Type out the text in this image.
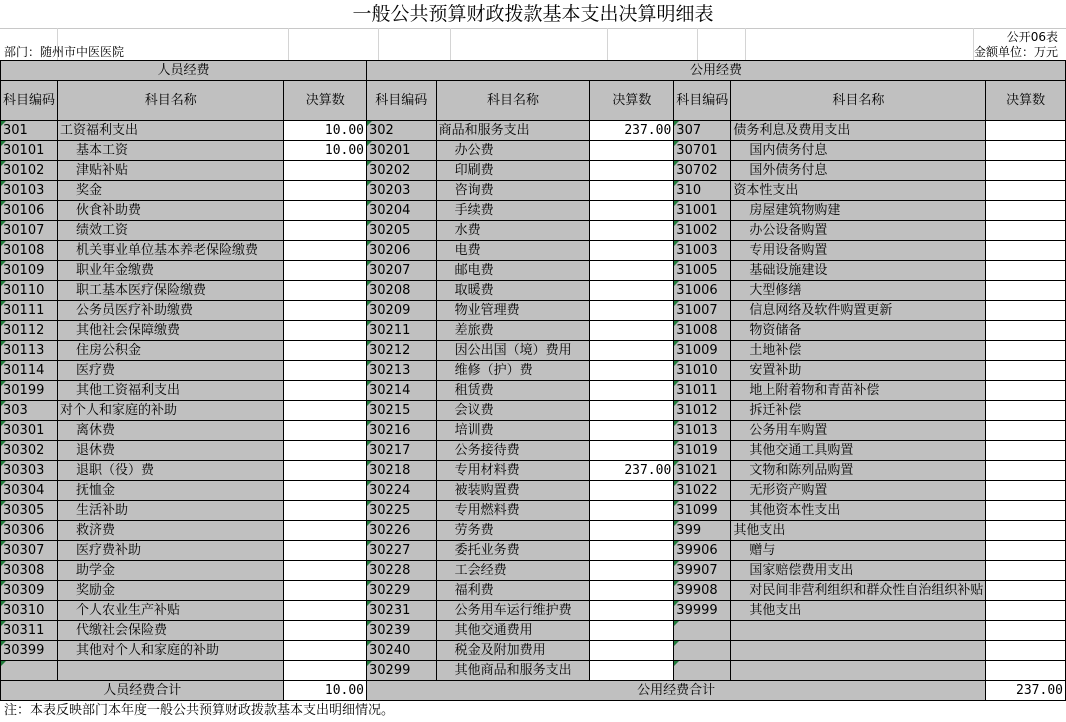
一般公共预算财政拨款基本支出决算明细表
公开06表
部门：随州市中医医院	金额单位：万元
人员经费			公用经费					
科目编码	科目名称	决算数	科目编码	科目名称	决算数	科目编码	科目名称	决算数
301	工资福利支出	10.00	302	商品和服务支出	237.00	307	债务利息及费用支出	
30101	基本工资	10.00	30201	办公费		30701	国内债务付息	
30102	津贴补贴		30202	印刷费		30702	国外债务付息	
30103	奖金		30203	咨询费		310	资本性支出	
30106	伙食补助费		30204	手续费		31001	房屋建筑物购建	
30107	绩效工资		30205	水费		31002	办公设备购置	
30108	机关事业单位基本养老保险缴费		30206	电费		31003	专用设备购置	
30109	职业年金缴费		30207	邮电费		31005	基础设施建设	
30110	职工基本医疗保险缴费		30208	取暖费		31006	大型修缮	
30111	公务员医疗补助缴费		30209	物业管理费		31007	信息网络及软件购置更新	
30112	其他社会保障缴费		30211	差旅费		31008	物资储备	
30113	住房公积金		30212	因公出国（境）费用		31009	土地补偿	
30114	医疗费		30213	维修（护）费		31010	安置补助	
30199	其他工资福利支出		30214	租赁费		31011	地上附着物和青苗补偿	
303	对个人和家庭的补助		30215	会议费		31012	拆迁补偿	
30301	离休费		30216	培训费		31013	公务用车购置	
30302	退休费		30217	公务接待费		31019	其他交通工具购置	
30303	退职（役）费		30218	专用材料费	237.00	31021	文物和陈列品购置	
30304	抚恤金		30224	被装购置费		31022	无形资产购置	
30305	生活补助		30225	专用燃料费		31099	其他资本性支出	
30306	救济费		30226	劳务费		399	其他支出	
30307	医疗费补助		30227	委托业务费		39906	赠与	
30308	助学金		30228	工会经费		39907	国家赔偿费用支出	
30309	奖励金		30229	福利费		39908	对民间非营利组织和群众性自治组织补贴	
30310	个人农业生产补贴		30231	公务用车运行维护费		39999	其他支出	
30311	代缴社会保险费		30239	其他交通费用				
30399	其他对个人和家庭的补助		30240	税金及附加费用				
			30299	其他商品和服务支出				
人员经费合计		10.00	公用经费合计					237.00
注：本表反映部门本年度一般公共预算财政拨款基本支出明细情况。
